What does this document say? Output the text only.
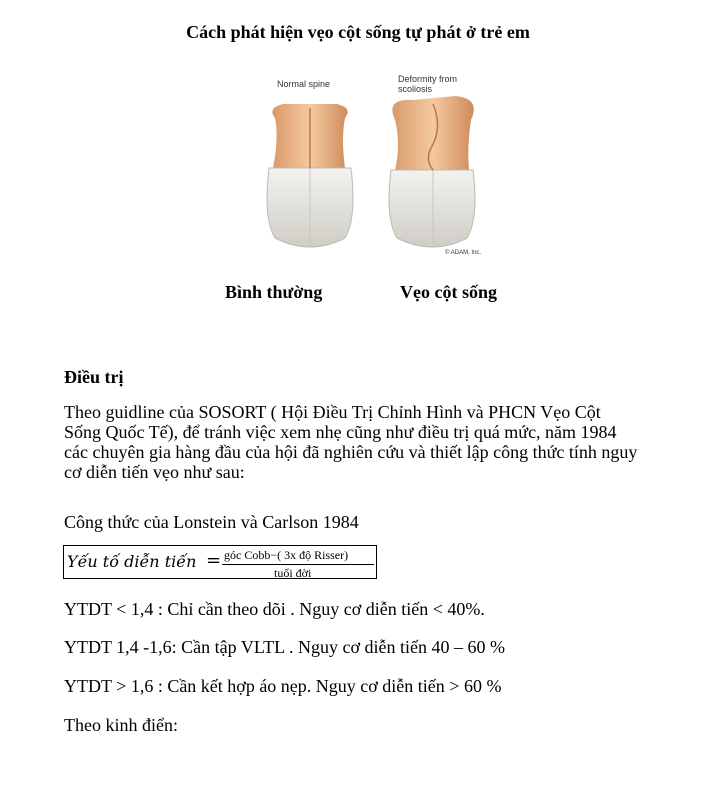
Cách phát hiện vẹo cột sống tự phát ở trẻ em
Normal spine	Deformity from
scoliosis
© ADAM, Inc.
Bình thường	Vẹo cột sống
Điều trị
Theo guidline của SOSORT ( Hội Điều Trị Chỉnh Hình và PHCN Vẹo Cột
Sống Quốc Tế), để tránh việc xem nhẹ cũng như điều trị quá mức, năm 1984
các chuyên gia hàng đầu của hội đã nghiên cứu và thiết lập công thức tính nguy
cơ diễn tiến vẹo như sau:
Công thức của Lonstein và Carlson 1984
Yếu tố diễn tiến = góc Cobb−( 3x độ Risser)
tuổi đời
YTDT < 1,4 : Chỉ cần theo dõi . Nguy cơ diễn tiến < 40%.
YTDT 1,4 -1,6: Cần tập VLTL . Nguy cơ diễn tiến 40 – 60 %
YTDT > 1,6 : Cần kết hợp áo nẹp. Nguy cơ diễn tiến > 60 %
Theo kinh điển:
